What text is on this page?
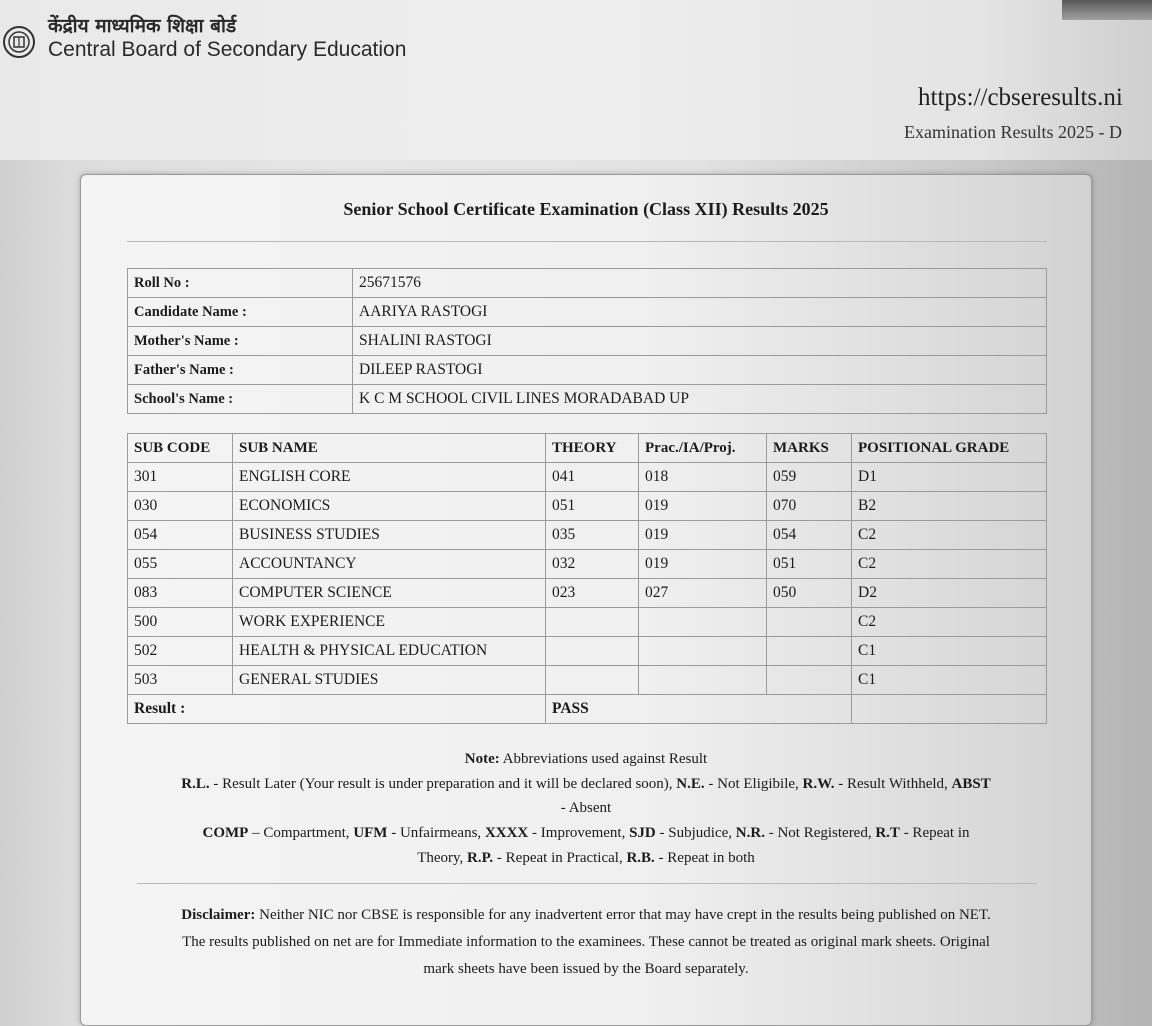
केंद्रीय माध्यमिक शिक्षा बोर्ड
Central Board of Secondary Education
https://cbseresults.ni
Examination Results 2025 - D
Senior School Certificate Examination (Class XII) Results 2025
Roll No :	25671576
Candidate Name :	AARIYA RASTOGI
Mother's Name :	SHALINI RASTOGI
Father's Name :	DILEEP RASTOGI
School's Name :	K C M SCHOOL CIVIL LINES MORADABAD UP
SUB CODE	SUB NAME	THEORY	Prac./IA/Proj.	MARKS	POSITIONAL GRADE
301	ENGLISH CORE	041	018	059	D1
030	ECONOMICS	051	019	070	B2
054	BUSINESS STUDIES	035	019	054	C2
055	ACCOUNTANCY	032	019	051	C2
083	COMPUTER SCIENCE	023	027	050	D2
500	WORK EXPERIENCE				C2
502	HEALTH & PHYSICAL EDUCATION				C1
503	GENERAL STUDIES				C1
Result :		PASS			
Note: Abbreviations used against Result
R.L. - Result Later (Your result is under preparation and it will be declared soon), N.E. - Not Eligibile, R.W. - Result Withheld, ABST
- Absent
COMP – Compartment, UFM - Unfairmeans, XXXX - Improvement, SJD - Subjudice, N.R. - Not Registered, R.T - Repeat in
Theory, R.P. - Repeat in Practical, R.B. - Repeat in both
Disclaimer: Neither NIC nor CBSE is responsible for any inadvertent error that may have crept in the results being published on NET.
The results published on net are for Immediate information to the examinees. These cannot be treated as original mark sheets. Original
mark sheets have been issued by the Board separately.
